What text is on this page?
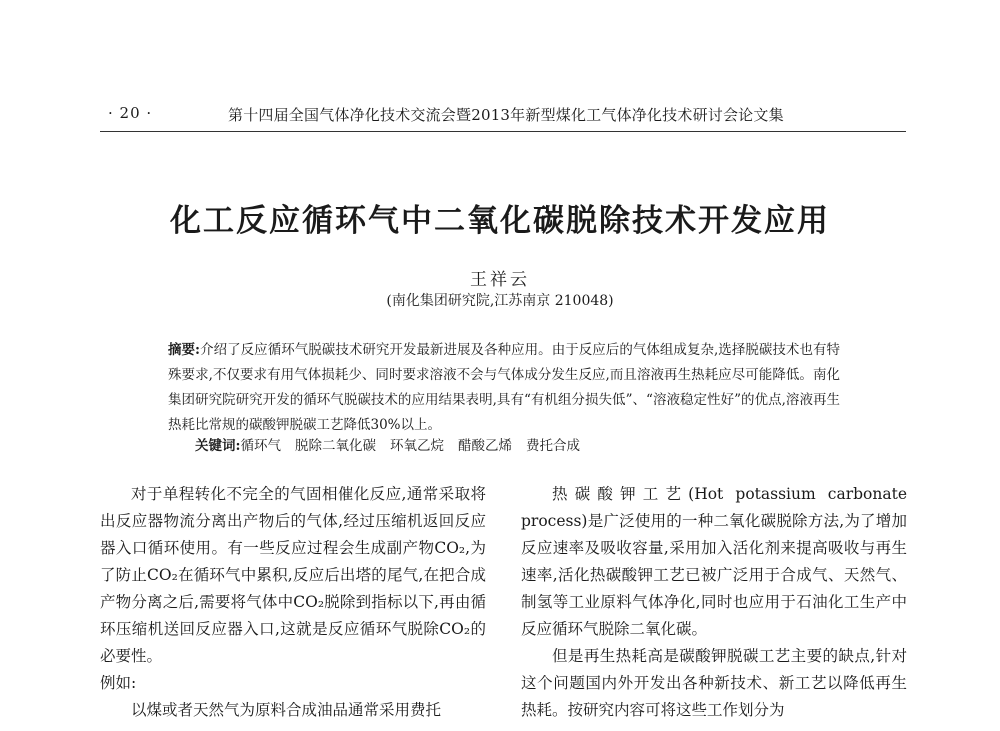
· 20 ·	第十四届全国气体净化技术交流会暨2013年新型煤化工气体净化技术研讨会论文集
化工反应循环气中二氧化碳脱除技术开发应用
王祥云
(南化集团研究院,江苏南京 210048)
摘要:介绍了反应循环气脱碳技术研究开发最新进展及各种应用。由于反应后的气体组成复杂,选择脱碳技术也有特殊要求,不仅要求有用气体损耗少、同时要求溶液不会与气体成分发生反应,而且溶液再生热耗应尽可能降低。南化集团研究院研究开发的循环气脱碳技术的应用结果表明,具有“有机组分损失低”、“溶液稳定性好”的优点,溶液再生热耗比常规的碳酸钾脱碳工艺降低30%以上。
关键词:循环气 脱除二氧化碳 环氧乙烷 醋酸乙烯 费托合成

对于单程转化不完全的气固相催化反应,通常采取将出反应器物流分离出产物后的气体,经过压缩机返回反应器入口循环使用。有一些反应过程会生成副产物CO₂,为了防止CO₂在循环气中累积,反应后出塔的尾气,在把合成产物分离之后,需要将气体中CO₂脱除到指标以下,再由循环压缩机送回反应器入口,这就是反应循环气脱除CO₂的必要性。

例如:

以煤或者天然气为原料合成油品通常采用费托

热碳酸钾工艺(Hot potassium carbonate process)是广泛使用的一种二氧化碳脱除方法,为了增加反应速率及吸收容量,采用加入活化剂来提高吸收与再生速率,活化热碳酸钾工艺已被广泛用于合成气、天然气、制氢等工业原料气体净化,同时也应用于石油化工生产中反应循环气脱除二氧化碳。

但是再生热耗高是碳酸钾脱碳工艺主要的缺点,针对这个问题国内外开发出各种新技术、新工艺以降低再生热耗。按研究内容可将这些工作划分为
